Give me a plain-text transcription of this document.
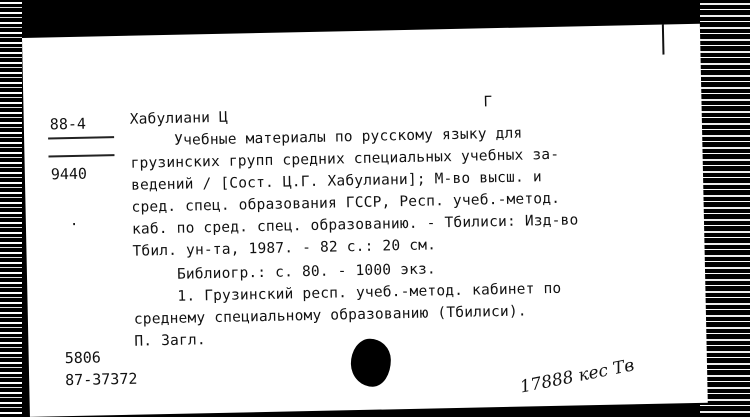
88-4
9440
Хабулиани Ц
Г
Учебные материалы по русскому языку для
грузинских групп средних специальных учебных за-
ведений / [Сост. Ц.Г. Хабулиани]; М-во высш. и
сред. спец. образования ГССР, Респ. учеб.-метод.
каб. по сред. спец. образованию. - Тбилиси: Изд-во
Тбил. ун-та, 1987. - 82 с.: 20 см.
Библиогр.: с. 80. - 1000 экз.
1. Грузинский респ. учеб.-метод. кабинет по
среднему специальному образованию (Тбилиси).
П. Загл.
5806
87-37372
·
17888 кес Тв
